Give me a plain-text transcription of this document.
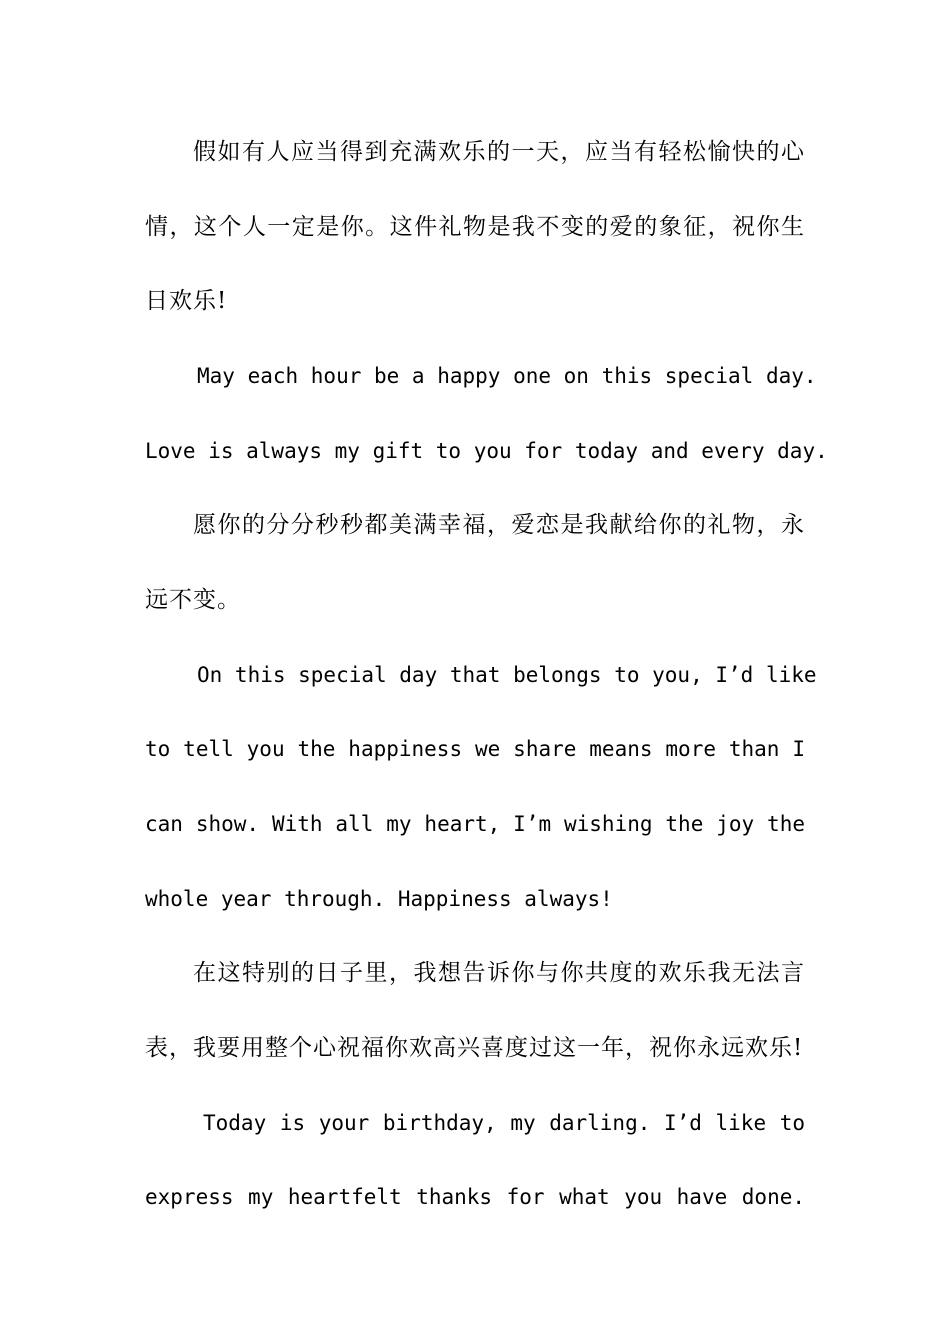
假如有人应当得到充满欢乐的一天，应当有轻松愉快的心
情，这个人一定是你。这件礼物是我不变的爱的象征，祝你生
日欢乐!
May each hour be a happy one on this special day.
Love is always my gift to you for today and every day.
愿你的分分秒秒都美满幸福，爱恋是我献给你的礼物，永
远不变。
On this special day that belongs to you, I’d like
to tell you the happiness we share means more than I
can show. With all my heart, I’m wishing the joy the
whole year through. Happiness always!
在这特别的日子里，我想告诉你与你共度的欢乐我无法言
表，我要用整个心祝福你欢高兴喜度过这一年，祝你永远欢乐!
Today is your birthday, my darling. I’d like to
express my heartfelt thanks for what you have done.
